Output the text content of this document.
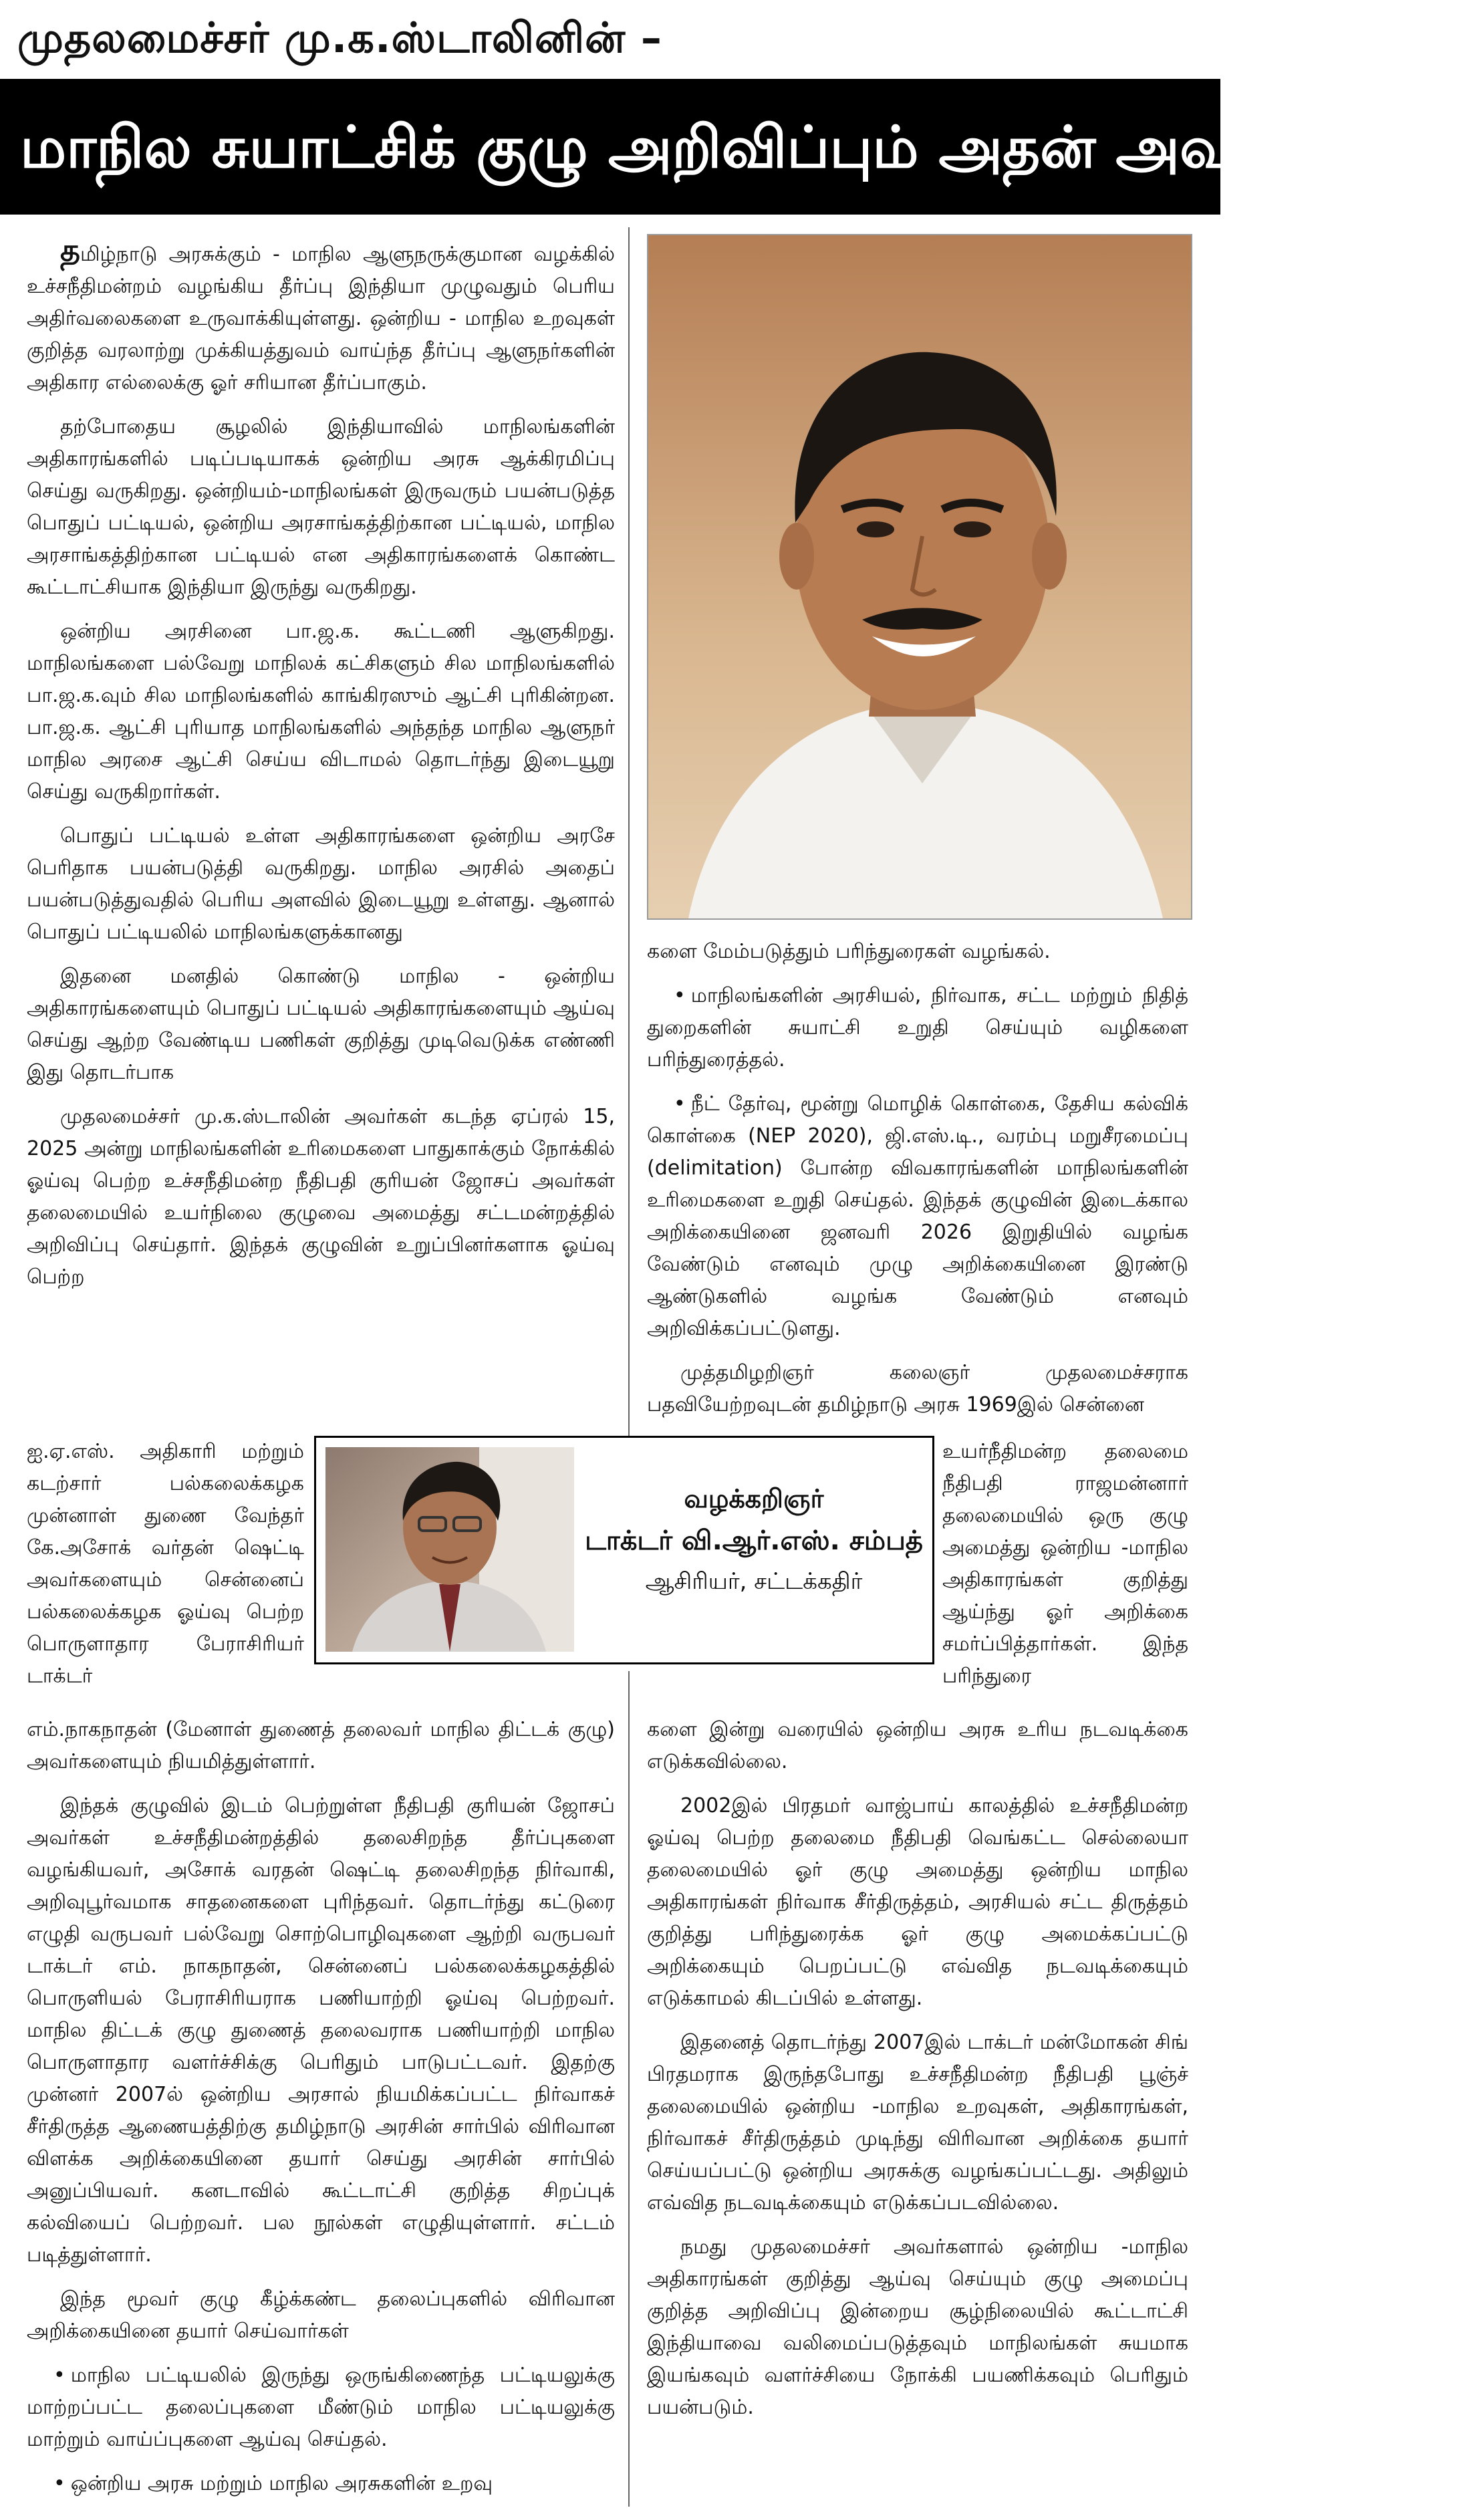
முதலமைச்சர் மு.க.ஸ்டாலினின் –
மாநில சுயாட்சிக் குழு அறிவிப்பும் அதன் அவசியமும்!

தமிழ்நாடு அரசுக்கும் - மாநில ஆளுநருக்குமான வழக்கில் உச்சநீதிமன்றம் வழங்கிய தீர்ப்பு இந்தியா முழுவதும் பெரிய அதிர்வலைகளை உருவாக்கியுள்ளது. ஒன்றிய - மாநில உறவுகள் குறித்த வரலாற்று முக்கியத்துவம் வாய்ந்த தீர்ப்பு ஆளுநர்களின் அதிகார எல்லைக்கு ஓர் சரியான தீர்ப்பாகும்.

தற்போதைய சூழலில் இந்தியாவில் மாநிலங்களின் அதிகாரங்களில் படிப்படியாகக் ஒன்றிய அரசு ஆக்கிரமிப்பு செய்து வருகிறது. ஒன்றியம்-மாநிலங்கள் இருவரும் பயன்படுத்த பொதுப் பட்டியல், ஒன்றிய அரசாங்கத்திற்கான பட்டியல், மாநில அரசாங்கத்திற்கான பட்டியல் என அதிகாரங்களைக் கொண்ட கூட்டாட்சியாக இந்தியா இருந்து வருகிறது.

ஒன்றிய அரசினை பா.ஜ.க. கூட்டணி ஆளுகிறது. மாநிலங்களை பல்வேறு மாநிலக் கட்சிகளும் சில மாநிலங்களில் பா.ஜ.க.வும் சில மாநிலங்களில் காங்கிரஸும் ஆட்சி புரிகின்றன. பா.ஜ.க. ஆட்சி புரியாத மாநிலங்களில் அந்தந்த மாநில ஆளுநர் மாநில அரசை ஆட்சி செய்ய விடாமல் தொடர்ந்து இடையூறு செய்து வருகிறார்கள்.

பொதுப் பட்டியல் உள்ள அதிகாரங்களை ஒன்றிய அரசே பெரிதாக பயன்படுத்தி வருகிறது. மாநில அரசில் அதைப் பயன்படுத்துவதில் பெரிய அளவில் இடையூறு உள்ளது. ஆனால் பொதுப் பட்டியலில் மாநிலங்களுக்கானது

இதனை மனதில் கொண்டு மாநில - ஒன்றிய அதிகாரங்களையும் பொதுப் பட்டியல் அதிகாரங்களையும் ஆய்வு செய்து ஆற்ற வேண்டிய பணிகள் குறித்து முடிவெடுக்க எண்ணி இது தொடர்பாக

முதலமைச்சர் மு.க.ஸ்டாலின் அவர்கள் கடந்த ஏப்ரல் 15, 2025 அன்று மாநிலங்களின் உரிமைகளை பாதுகாக்கும் நோக்கில் ஓய்வு பெற்ற உச்சநீதிமன்ற நீதிபதி குரியன் ஜோசப் அவர்கள் தலைமையில் உயர்நிலை குழுவை அமைத்து சட்டமன்றத்தில் அறிவிப்பு செய்தார். இந்தக் குழுவின் உறுப்பினர்களாக ஓய்வு பெற்ற

ஐ.ஏ.எஸ். அதிகாரி மற்றும் கடற்சார் பல்கலைக்கழக முன்னாள் துணை வேந்தர் கே.அசோக் வர்தன் ஷெட்டி அவர்களையும் சென்னைப் பல்கலைக்கழக ஓய்வு பெற்ற பொருளாதார பேராசிரியர் டாக்டர்

எம்.நாகநாதன் (மேனாள் துணைத் தலைவர் மாநில திட்டக் குழு) அவர்களையும் நியமித்துள்ளார்.

இந்தக் குழுவில் இடம் பெற்றுள்ள நீதிபதி குரியன் ஜோசப் அவர்கள் உச்சநீதிமன்றத்தில் தலைசிறந்த தீர்ப்புகளை வழங்கியவர், அசோக் வரதன் ஷெட்டி தலைசிறந்த நிர்வாகி, அறிவுபூர்வமாக சாதனைகளை புரிந்தவர். தொடர்ந்து கட்டுரை எழுதி வருபவர் பல்வேறு சொற்பொழிவுகளை ஆற்றி வருபவர் டாக்டர் எம். நாகநாதன், சென்னைப் பல்கலைக்கழகத்தில் பொருளியல் பேராசிரியராக பணியாற்றி ஓய்வு பெற்றவர். மாநில திட்டக் குழு துணைத் தலைவராக பணியாற்றி மாநில பொருளாதார வளர்ச்சிக்கு பெரிதும் பாடுபட்டவர். இதற்கு முன்னர் 2007ல் ஒன்றிய அரசால் நியமிக்கப்பட்ட நிர்வாகச் சீர்திருத்த ஆணையத்திற்கு தமிழ்நாடு அரசின் சார்பில் விரிவான விளக்க அறிக்கையினை தயார் செய்து அரசின் சார்பில் அனுப்பியவர். கனடாவில் கூட்டாட்சி குறித்த சிறப்புக் கல்வியைப் பெற்றவர். பல நூல்கள் எழுதியுள்ளார். சட்டம் படித்துள்ளார்.

இந்த மூவர் குழு கீழ்க்கண்ட தலைப்புகளில் விரிவான அறிக்கையினை தயார் செய்வார்கள்

• மாநில பட்டியலில் இருந்து ஒருங்கிணைந்த பட்டியலுக்கு மாற்றப்பட்ட தலைப்புகளை மீண்டும் மாநில பட்டியலுக்கு மாற்றும் வாய்ப்புகளை ஆய்வு செய்தல்.

• ஒன்றிய அரசு மற்றும் மாநில அரசுகளின் உறவு

களை மேம்படுத்தும் பரிந்துரைகள் வழங்கல்.

• மாநிலங்களின் அரசியல், நிர்வாக, சட்ட மற்றும் நிதித் துறைகளின் சுயாட்சி உறுதி செய்யும் வழிகளை பரிந்துரைத்தல்.

• நீட் தேர்வு, மூன்று மொழிக் கொள்கை, தேசிய கல்விக் கொள்கை (NEP 2020), ஜி.எஸ்.டி., வரம்பு மறுசீரமைப்பு (delimitation) போன்ற விவகாரங்களின் மாநிலங்களின் உரிமைகளை உறுதி செய்தல். இந்தக் குழுவின் இடைக்கால அறிக்கையினை ஜனவரி 2026 இறுதியில் வழங்க வேண்டும் எனவும் முழு அறிக்கையினை இரண்டு ஆண்டுகளில் வழங்க வேண்டும் எனவும் அறிவிக்கப்பட்டுளது.

முத்தமிழறிஞர் கலைஞர் முதலமைச்சராக பதவியேற்றவுடன் தமிழ்நாடு அரசு 1969இல் சென்னை

உயர்நீதிமன்ற தலைமை நீதிபதி ராஜமன்னார் தலைமையில் ஒரு குழு அமைத்து ஒன்றிய -மாநில அதிகாரங்கள் குறித்து ஆய்ந்து ஓர் அறிக்கை சமர்ப்பித்தார்கள். இந்த பரிந்துரை

களை இன்று வரையில் ஒன்றிய அரசு உரிய நடவடிக்கை எடுக்கவில்லை.

2002இல் பிரதமர் வாஜ்பாய் காலத்தில் உச்சநீதிமன்ற ஓய்வு பெற்ற தலைமை நீதிபதி வெங்கட்ட செல்லையா தலைமையில் ஓர் குழு அமைத்து ஒன்றிய மாநில அதிகாரங்கள் நிர்வாக சீர்திருத்தம், அரசியல் சட்ட திருத்தம் குறித்து பரிந்துரைக்க ஓர் குழு அமைக்கப்பட்டு அறிக்கையும் பெறப்பட்டு எவ்வித நடவடிக்கையும் எடுக்காமல் கிடப்பில் உள்ளது.

இதனைத் தொடர்ந்து 2007இல் டாக்டர் மன்மோகன் சிங் பிரதமராக இருந்தபோது உச்சநீதிமன்ற நீதிபதி பூஞ்ச் தலைமையில் ஒன்றிய -மாநில உறவுகள், அதிகாரங்கள், நிர்வாகச் சீர்திருத்தம் முடிந்து விரிவான அறிக்கை தயார் செய்யப்பட்டு ஒன்றிய அரசுக்கு வழங்கப்பட்டது. அதிலும் எவ்வித நடவடிக்கையும் எடுக்கப்படவில்லை.

நமது முதலமைச்சர் அவர்களால் ஒன்றிய -மாநில அதிகாரங்கள் குறித்து ஆய்வு செய்யும் குழு அமைப்பு குறித்த அறிவிப்பு இன்றைய சூழ்நிலையில் கூட்டாட்சி இந்தியாவை வலிமைப்படுத்தவும் மாநிலங்கள் சுயமாக இயங்கவும் வளர்ச்சியை நோக்கி பயணிக்கவும் பெரிதும் பயன்படும்.

வழக்கறிஞர்
டாக்டர் வி.ஆர்.எஸ். சம்பத்
ஆசிரியர், சட்டக்கதிர்
